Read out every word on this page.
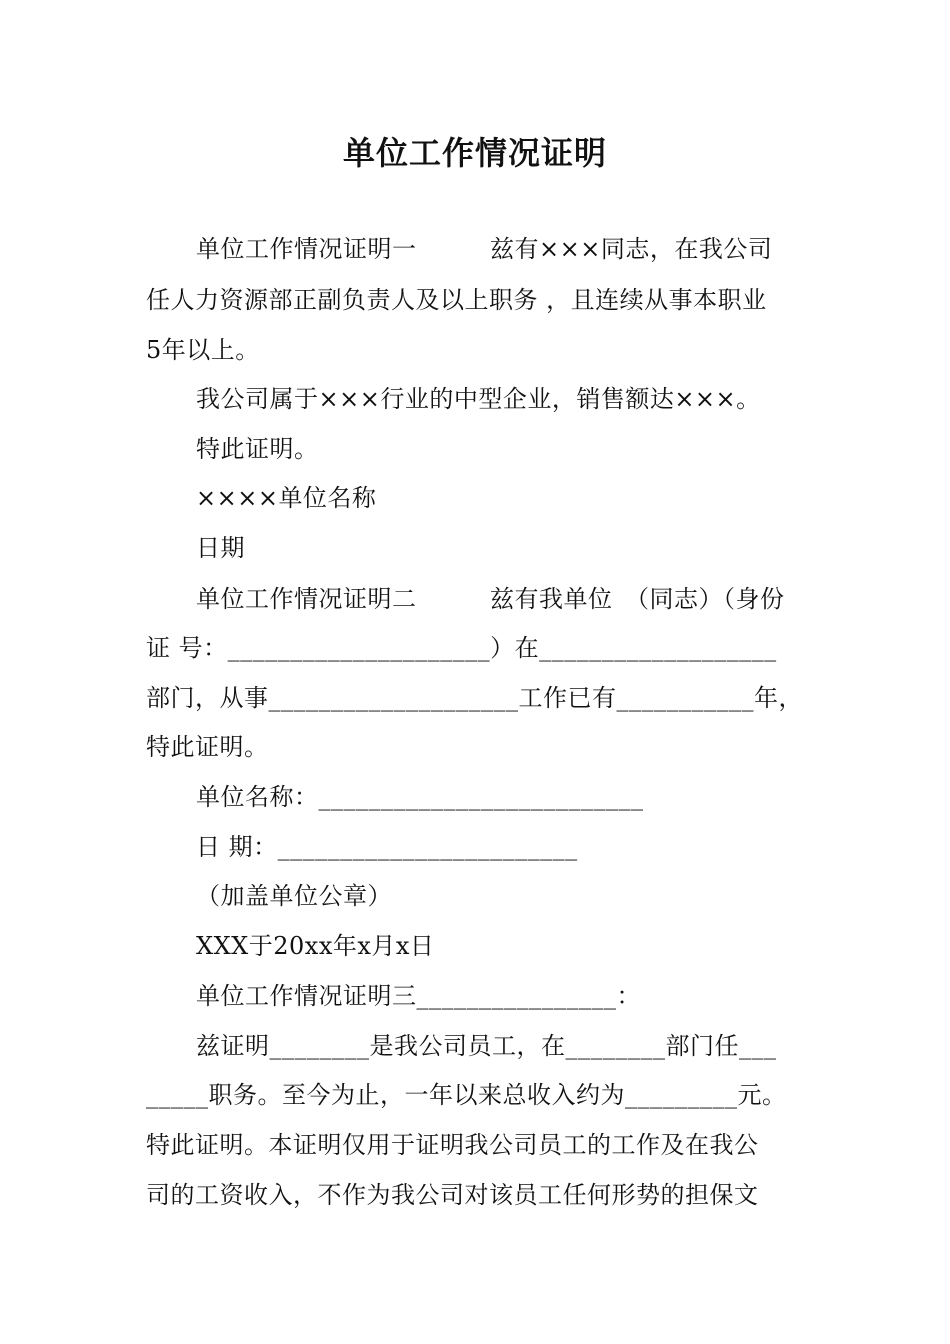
单位工作情况证明
单位工作情况证明一　　　兹有×××同志，在我公司
任人力资源部正副负责人及以上职务 ，且连续从事本职业
5年以上。
我公司属于×××行业的中型企业，销售额达×××。
特此证明。
××××单位名称
日期
单位工作情况证明二　　　兹有我单位　（同志）（身份
证 号：_____________________）在___________________
部门，从事____________________工作已有___________年，
特此证明。
单位名称：__________________________
日 期：________________________
（加盖单位公章）
XXX于20xx年x月x日
单位工作情况证明三________________：
兹证明________是我公司员工，在________部门任___
_____职务。至今为止，一年以来总收入约为_________元。
特此证明。本证明仅用于证明我公司员工的工作及在我公
司的工资收入，不作为我公司对该员工任何形势的担保文
